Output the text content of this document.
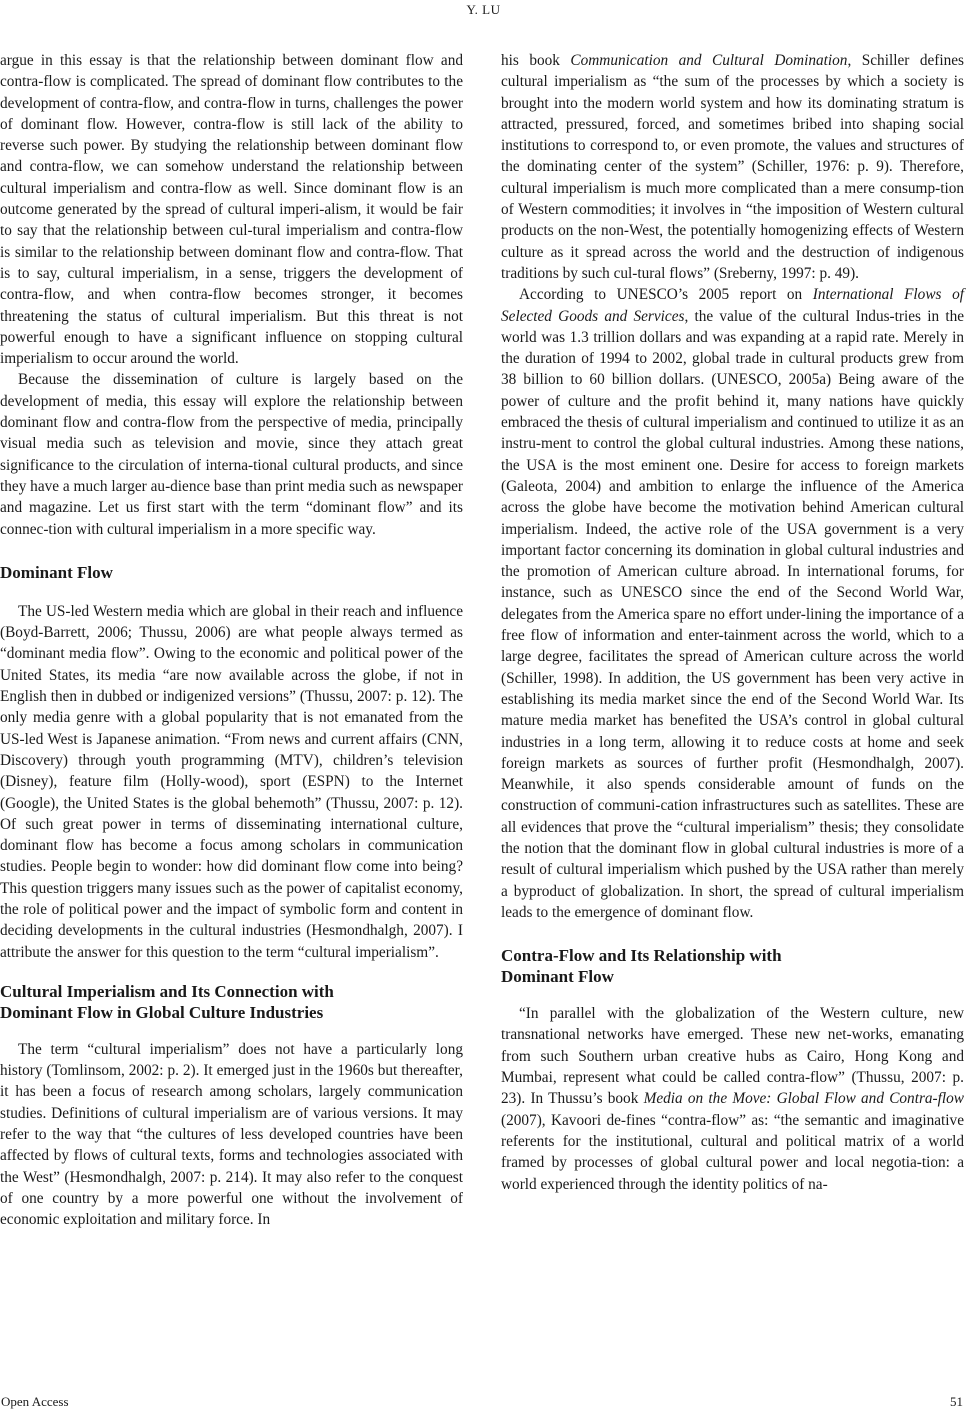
Y. LU

argue in this essay is that the relationship between dominant flow and contra-flow is complicated. The spread of dominant flow contributes to the development of contra-flow, and contra-flow in turns, challenges the power of dominant flow. However, contra-flow is still lack of the ability to reverse such power. By studying the relationship between dominant flow and contra-flow, we can somehow understand the relationship between cultural imperialism and contra-flow as well. Since dominant flow is an outcome generated by the spread of cultural imperi-alism, it would be fair to say that the relationship between cul-tural imperialism and contra-flow is similar to the relationship between dominant flow and contra-flow. That is to say, cultural imperialism, in a sense, triggers the development of contra-flow, and when contra-flow becomes stronger, it becomes threatening the status of cultural imperialism. But this threat is not powerful enough to have a significant influence on stopping cultural imperialism to occur around the world.

Because the dissemination of culture is largely based on the development of media, this essay will explore the relationship between dominant flow and contra-flow from the perspective of media, principally visual media such as television and movie, since they attach great significance to the circulation of interna-tional cultural products, and since they have a much larger au-dience base than print media such as newspaper and magazine. Let us first start with the term “dominant flow” and its connec-tion with cultural imperialism in a more specific way.

Dominant Flow

The US-led Western media which are global in their reach and influence (Boyd-Barrett, 2006; Thussu, 2006) are what people always termed as “dominant media flow”. Owing to the economic and political power of the United States, its media “are now available across the globe, if not in English then in dubbed or indigenized versions” (Thussu, 2007: p. 12). The only media genre with a global popularity that is not emanated from the US-led West is Japanese animation. “From news and current affairs (CNN, Discovery) through youth programming (MTV), children’s television (Disney), feature film (Holly-wood), sport (ESPN) to the Internet (Google), the United States is the global behemoth” (Thussu, 2007: p. 12). Of such great power in terms of disseminating international culture, dominant flow has become a focus among scholars in communication studies. People begin to wonder: how did dominant flow come into being? This question triggers many issues such as the power of capitalist economy, the role of political power and the impact of symbolic form and content in deciding developments in the cultural industries (Hesmondhalgh, 2007). I attribute the answer for this question to the term “cultural imperialism”.

Cultural Imperialism and Its Connection with
Dominant Flow in Global Culture Industries

The term “cultural imperialism” does not have a particularly long history (Tomlinsom, 2002: p. 2). It emerged just in the 1960s but thereafter, it has been a focus of research among scholars, largely communication studies. Definitions of cultural imperialism are of various versions. It may refer to the way that “the cultures of less developed countries have been affected by flows of cultural texts, forms and technologies associated with the West” (Hesmondhalgh, 2007: p. 214). It may also refer to the conquest of one country by a more powerful one without the involvement of economic exploitation and military force. In

his book Communication and Cultural Domination, Schiller defines cultural imperialism as “the sum of the processes by which a society is brought into the modern world system and how its dominating stratum is attracted, pressured, forced, and sometimes bribed into shaping social institutions to correspond to, or even promote, the values and structures of the dominating center of the system” (Schiller, 1976: p. 9). Therefore, cultural imperialism is much more complicated than a mere consump-tion of Western commodities; it involves in “the imposition of Western cultural products on the non-West, the potentially homogenizing effects of Western culture as it spread across the world and the destruction of indigenous traditions by such cul-tural flows” (Sreberny, 1997: p. 49).

According to UNESCO’s 2005 report on International Flows of Selected Goods and Services, the value of the cultural Indus-tries in the world was 1.3 trillion dollars and was expanding at a rapid rate. Merely in the duration of 1994 to 2002, global trade in cultural products grew from 38 billion to 60 billion dollars. (UNESCO, 2005a) Being aware of the power of culture and the profit behind it, many nations have quickly embraced the thesis of cultural imperialism and continued to utilize it as an instru-ment to control the global cultural industries. Among these nations, the USA is the most eminent one. Desire for access to foreign markets (Galeota, 2004) and ambition to enlarge the influence of the America across the globe have become the motivation behind American cultural imperialism. Indeed, the active role of the USA government is a very important factor concerning its domination in global cultural industries and the promotion of American culture abroad. In international forums, for instance, such as UNESCO since the end of the Second World War, delegates from the America spare no effort under-lining the importance of a free flow of information and enter-tainment across the world, which to a large degree, facilitates the spread of American culture across the world (Schiller, 1998). In addition, the US government has been very active in establishing its media market since the end of the Second World War. Its mature media market has benefited the USA’s control in global cultural industries in a long term, allowing it to reduce costs at home and seek foreign markets as sources of further profit (Hesmondhalgh, 2007). Meanwhile, it also spends considerable amount of funds on the construction of communi-cation infrastructures such as satellites. These are all evidences that prove the “cultural imperialism” thesis; they consolidate the notion that the dominant flow in global cultural industries is more of a result of cultural imperialism which pushed by the USA rather than merely a byproduct of globalization. In short, the spread of cultural imperialism leads to the emergence of dominant flow.

Contra-Flow and Its Relationship with
Dominant Flow

“In parallel with the globalization of the Western culture, new transnational networks have emerged. These new net-works, emanating from such Southern urban creative hubs as Cairo, Hong Kong and Mumbai, represent what could be called contra-flow” (Thussu, 2007: p. 23). In Thussu’s book Media on the Move: Global Flow and Contra-flow (2007), Kavoori de-fines “contra-flow” as: “the semantic and imaginative referents for the institutional, cultural and political matrix of a world framed by processes of global cultural power and local negotia-tion: a world experienced through the identity politics of na-

Open Access	51
